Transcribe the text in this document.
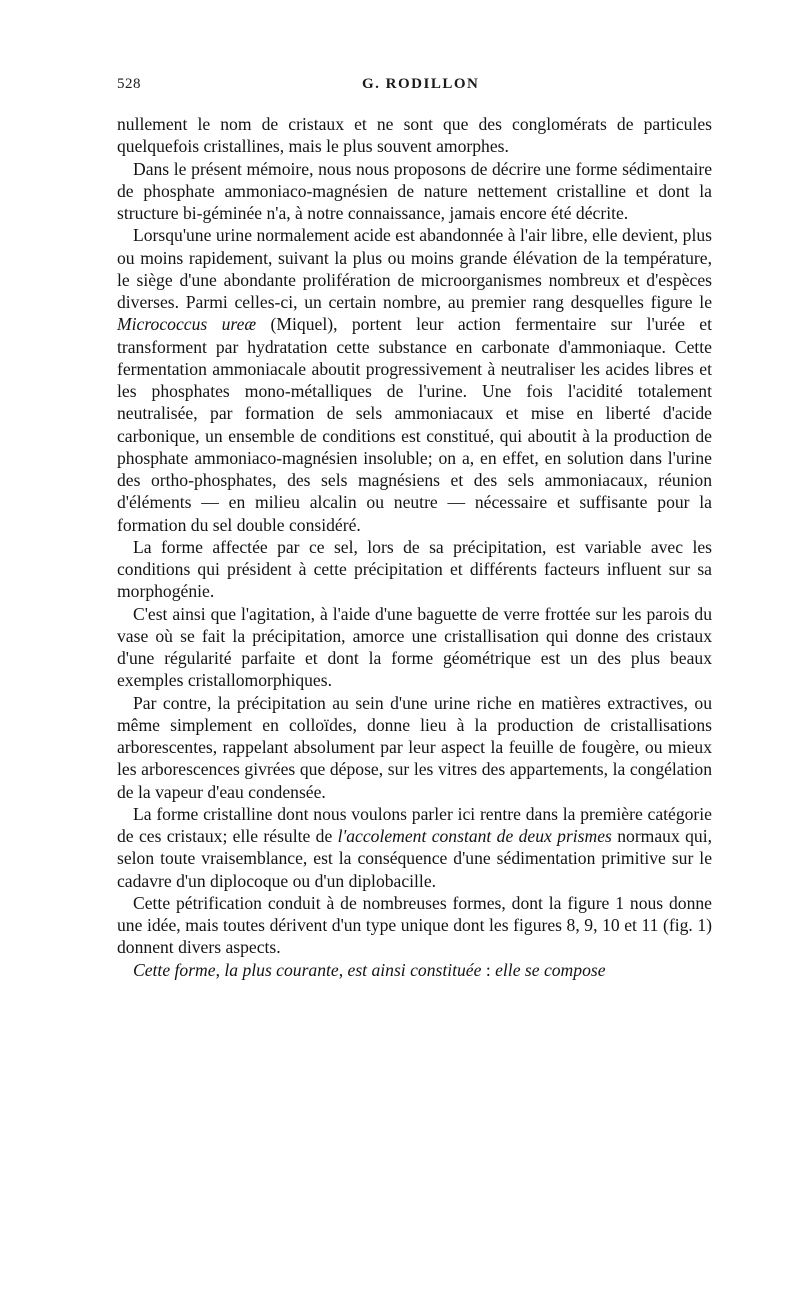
528	G. RODILLON

nullement le nom de cristaux et ne sont que des conglomérats de particules quelquefois cristallines, mais le plus souvent amorphes.

Dans le présent mémoire, nous nous proposons de décrire une forme sédimentaire de phosphate ammoniaco-magnésien de nature nettement cristalline et dont la structure bi-géminée n'a, à notre connaissance, jamais encore été décrite.

Lorsqu'une urine normalement acide est abandonnée à l'air libre, elle devient, plus ou moins rapidement, suivant la plus ou moins grande élévation de la température, le siège d'une abondante prolifération de microorganismes nombreux et d'espèces diverses. Parmi celles-ci, un certain nombre, au premier rang desquelles figure le Micrococcus ureæ (Miquel), portent leur action fermentaire sur l'urée et transforment par hydratation cette substance en carbonate d'ammoniaque. Cette fermentation ammoniacale aboutit progressivement à neutraliser les acides libres et les phosphates mono-métalliques de l'urine. Une fois l'acidité totalement neutralisée, par formation de sels ammoniacaux et mise en liberté d'acide carbonique, un ensemble de conditions est constitué, qui aboutit à la production de phosphate ammoniaco-magnésien insoluble; on a, en effet, en solution dans l'urine des ortho-phosphates, des sels magnésiens et des sels ammoniacaux, réunion d'éléments — en milieu alcalin ou neutre — nécessaire et suffisante pour la formation du sel double considéré.

La forme affectée par ce sel, lors de sa précipitation, est variable avec les conditions qui président à cette précipitation et différents facteurs influent sur sa morphogénie.

C'est ainsi que l'agitation, à l'aide d'une baguette de verre frottée sur les parois du vase où se fait la précipitation, amorce une cristallisation qui donne des cristaux d'une régularité parfaite et dont la forme géométrique est un des plus beaux exemples cristallomorphiques.

Par contre, la précipitation au sein d'une urine riche en matières extractives, ou même simplement en colloïdes, donne lieu à la production de cristallisations arborescentes, rappelant absolument par leur aspect la feuille de fougère, ou mieux les arborescences givrées que dépose, sur les vitres des appartements, la congélation de la vapeur d'eau condensée.

La forme cristalline dont nous voulons parler ici rentre dans la première catégorie de ces cristaux; elle résulte de l'accolement constant de deux prismes normaux qui, selon toute vraisemblance, est la conséquence d'une sédimentation primitive sur le cadavre d'un diplocoque ou d'un diplobacille.

Cette pétrification conduit à de nombreuses formes, dont la figure 1 nous donne une idée, mais toutes dérivent d'un type unique dont les figures 8, 9, 10 et 11 (fig. 1) donnent divers aspects.

Cette forme, la plus courante, est ainsi constituée : elle se compose
